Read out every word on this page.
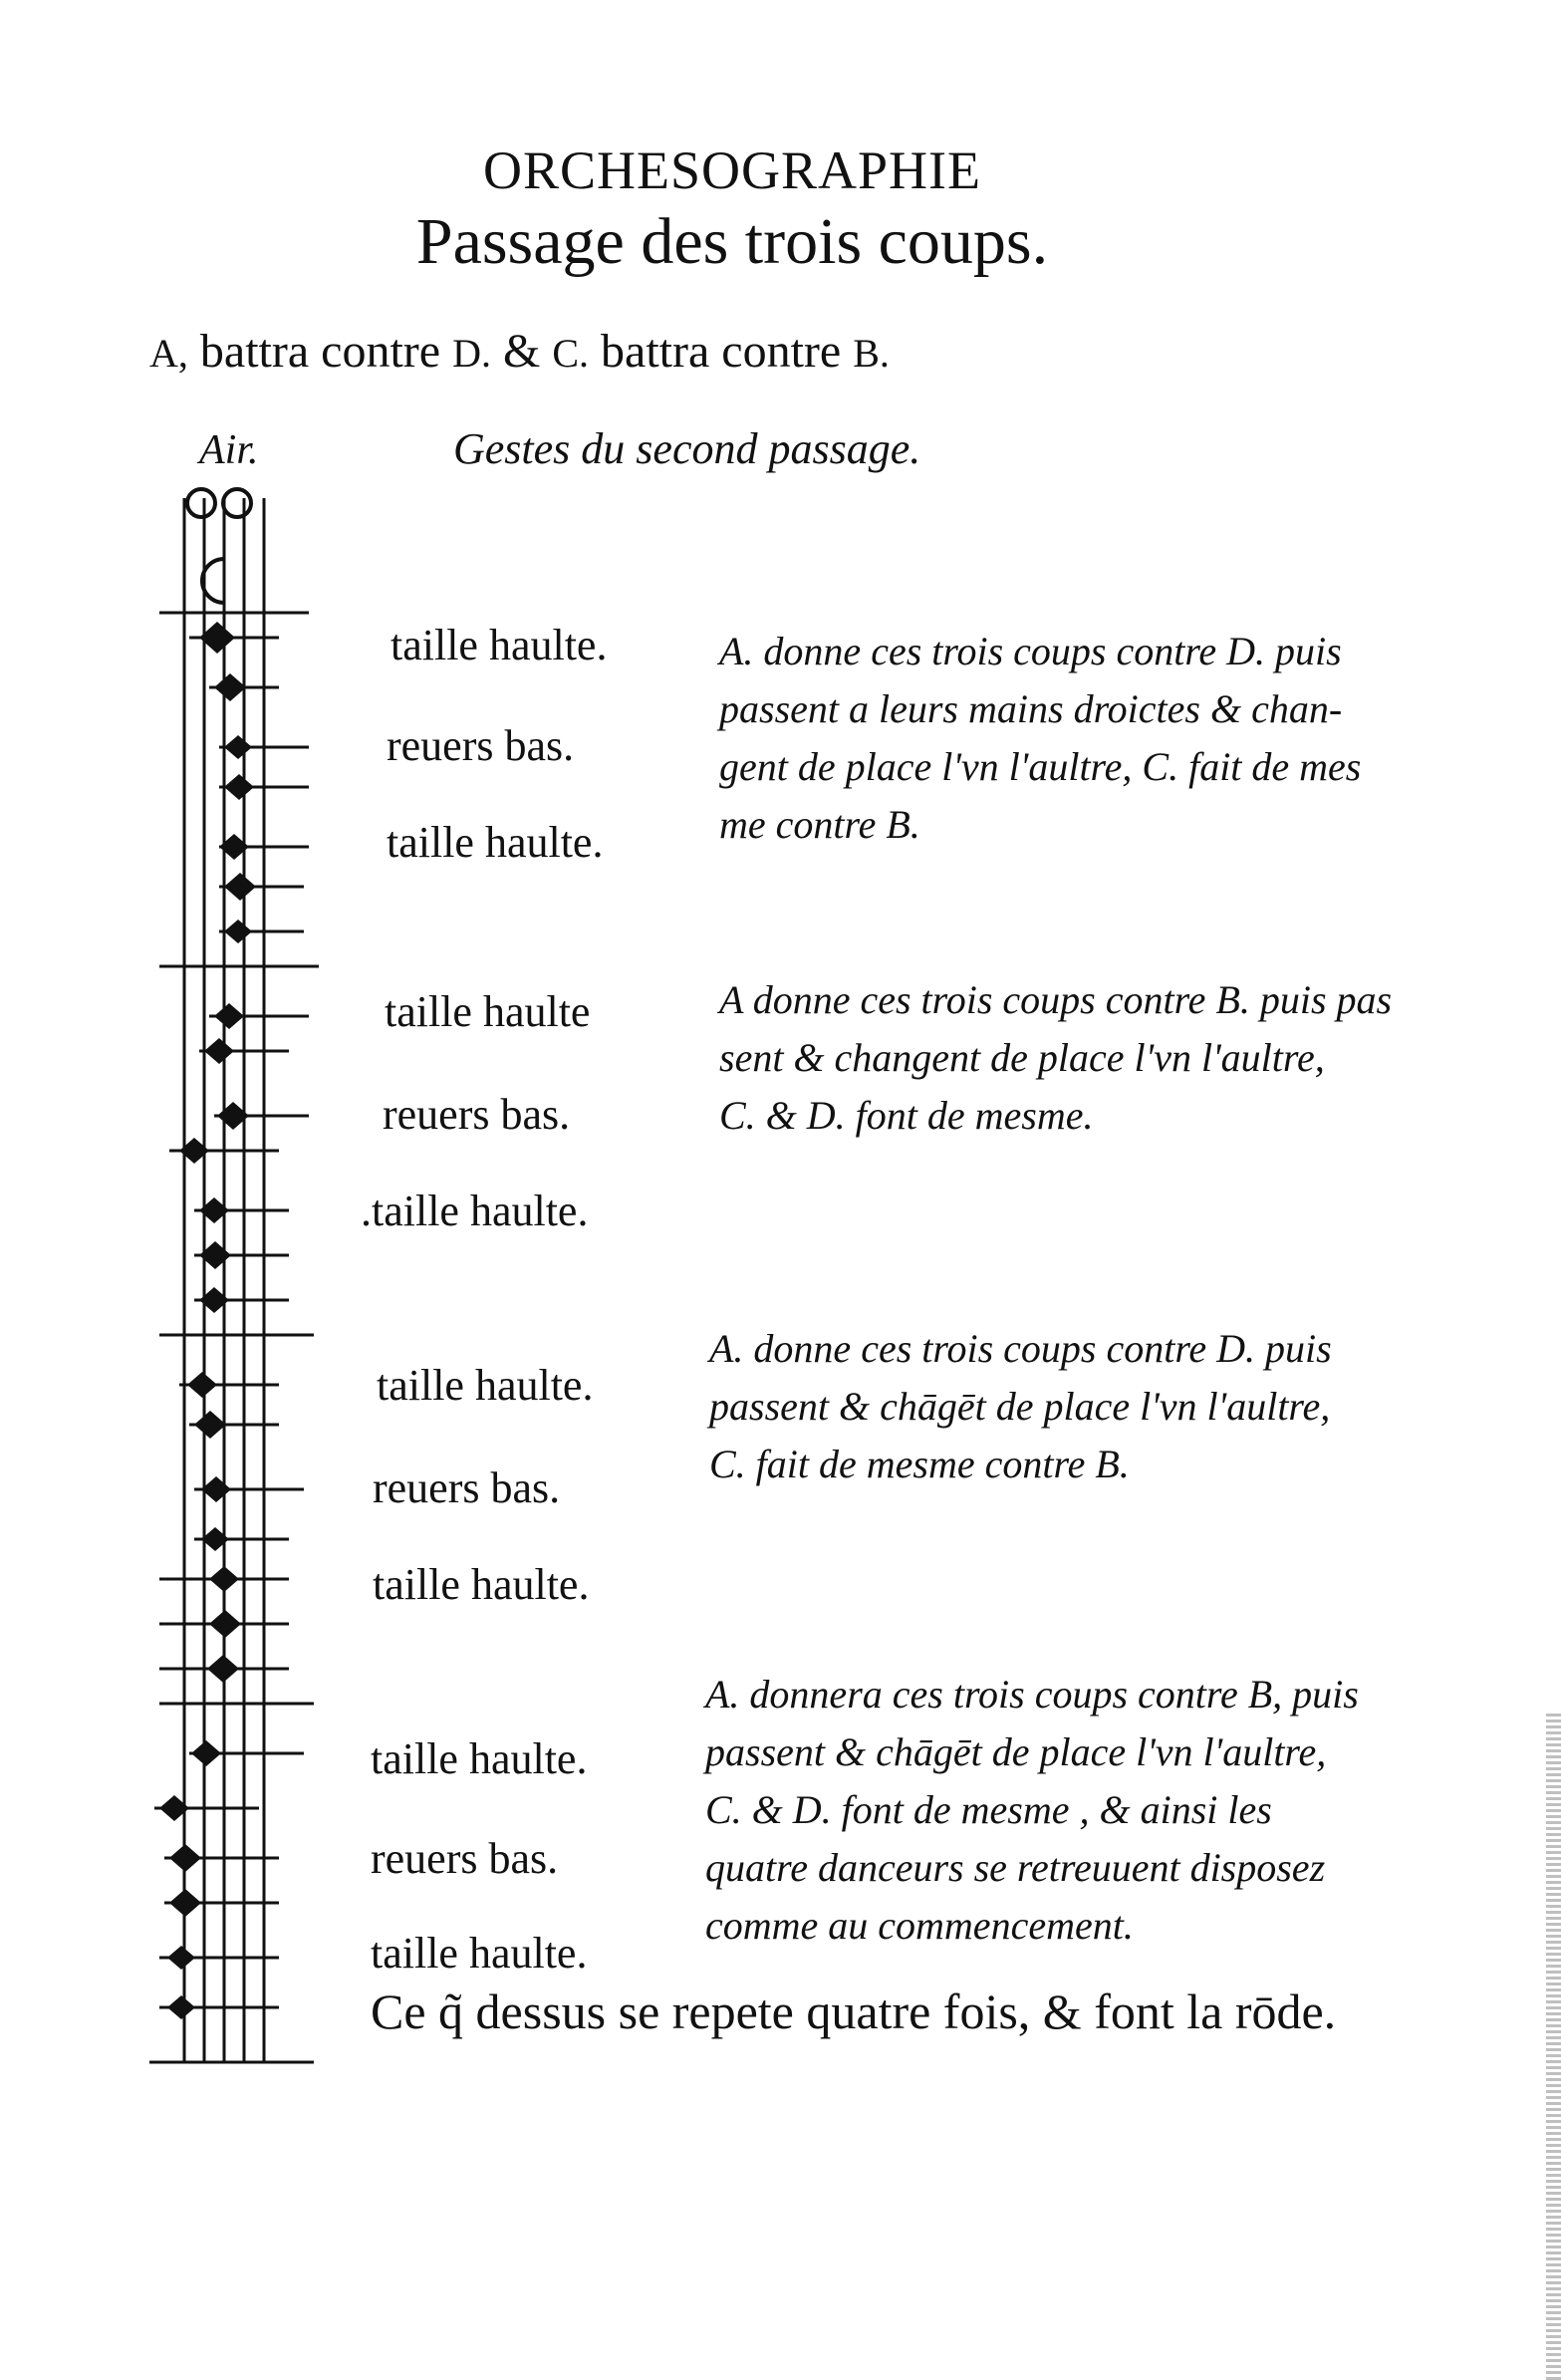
ORCHESOGRAPHIE
Passage des trois coups.
A, battra contre D. & C. battra contre B.
Air.	Gestes du second passage.
taille haulte.
reuers bas.
taille haulte.
taille haulte
reuers bas.
.taille haulte.
taille haulte.
reuers bas.
taille haulte.
taille haulte.
reuers bas.
taille haulte.
A. donne ces trois coups contre D. puis
passent a leurs mains droictes & chan-
gent de place l'vn l'aultre, C. fait de mes
me contre B.
A donne ces trois coups contre B. puis pas
sent & changent de place l'vn l'aultre,
C. & D. font de mesme.
A. donne ces trois coups contre D. puis
passent & chāgēt de place l'vn l'aultre,
C. fait de mesme contre B.
A. donnera ces trois coups contre B, puis
passent & chāgēt de place l'vn l'aultre,
C. & D. font de mesme , & ainsi les
quatre danceurs se retreuuent disposez
comme au commencement.
Ce q̃ dessus se repete quatre fois, & font la rōde.
